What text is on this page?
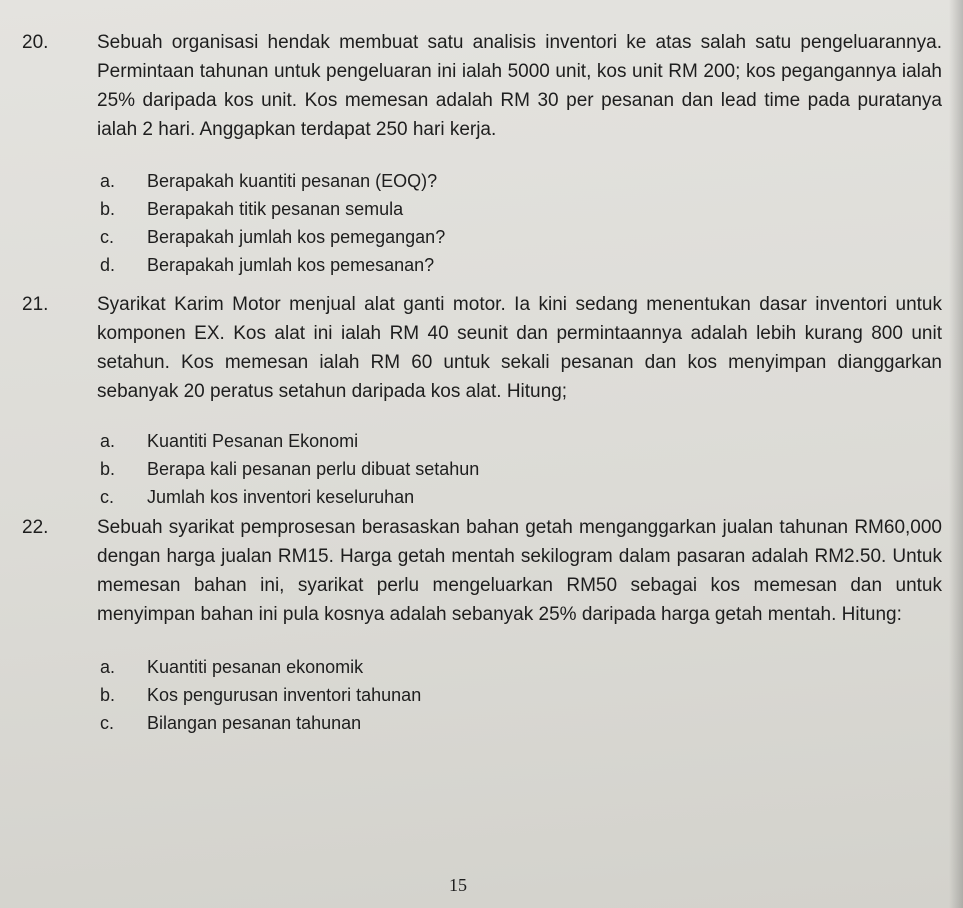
20.	Sebuah organisasi hendak membuat satu analisis inventori ke atas salah satu pengeluarannya. Permintaan tahunan untuk pengeluaran ini ialah 5000 unit, kos unit RM 200; kos pegangannya ialah 25% daripada kos unit. Kos memesan adalah RM 30 per pesanan dan lead time pada puratanya ialah 2 hari. Anggapkan terdapat 250 hari kerja.
a.	Berapakah kuantiti pesanan (EOQ)?
b.	Berapakah titik pesanan semula
c.	Berapakah jumlah kos pemegangan?
d.	Berapakah jumlah kos pemesanan?
21.	Syarikat Karim Motor menjual alat ganti motor. Ia kini sedang menentukan dasar inventori untuk komponen EX. Kos alat ini ialah RM 40 seunit dan permintaannya adalah lebih kurang 800 unit setahun. Kos memesan ialah RM 60 untuk sekali pesanan dan kos menyimpan dianggarkan sebanyak 20 peratus setahun daripada kos alat. Hitung;
a.	Kuantiti Pesanan Ekonomi
b.	Berapa kali pesanan perlu dibuat setahun
c.	Jumlah kos inventori keseluruhan
22.	Sebuah syarikat pemprosesan berasaskan bahan getah menganggarkan jualan tahunan RM60,000 dengan harga jualan RM15. Harga getah mentah sekilogram dalam pasaran adalah RM2.50. Untuk memesan bahan ini, syarikat perlu mengeluarkan RM50 sebagai kos memesan dan untuk menyimpan bahan ini pula kosnya adalah sebanyak 25% daripada harga getah mentah. Hitung:
a.	Kuantiti pesanan ekonomik
b.	Kos pengurusan inventori tahunan
c.	Bilangan pesanan tahunan
15
